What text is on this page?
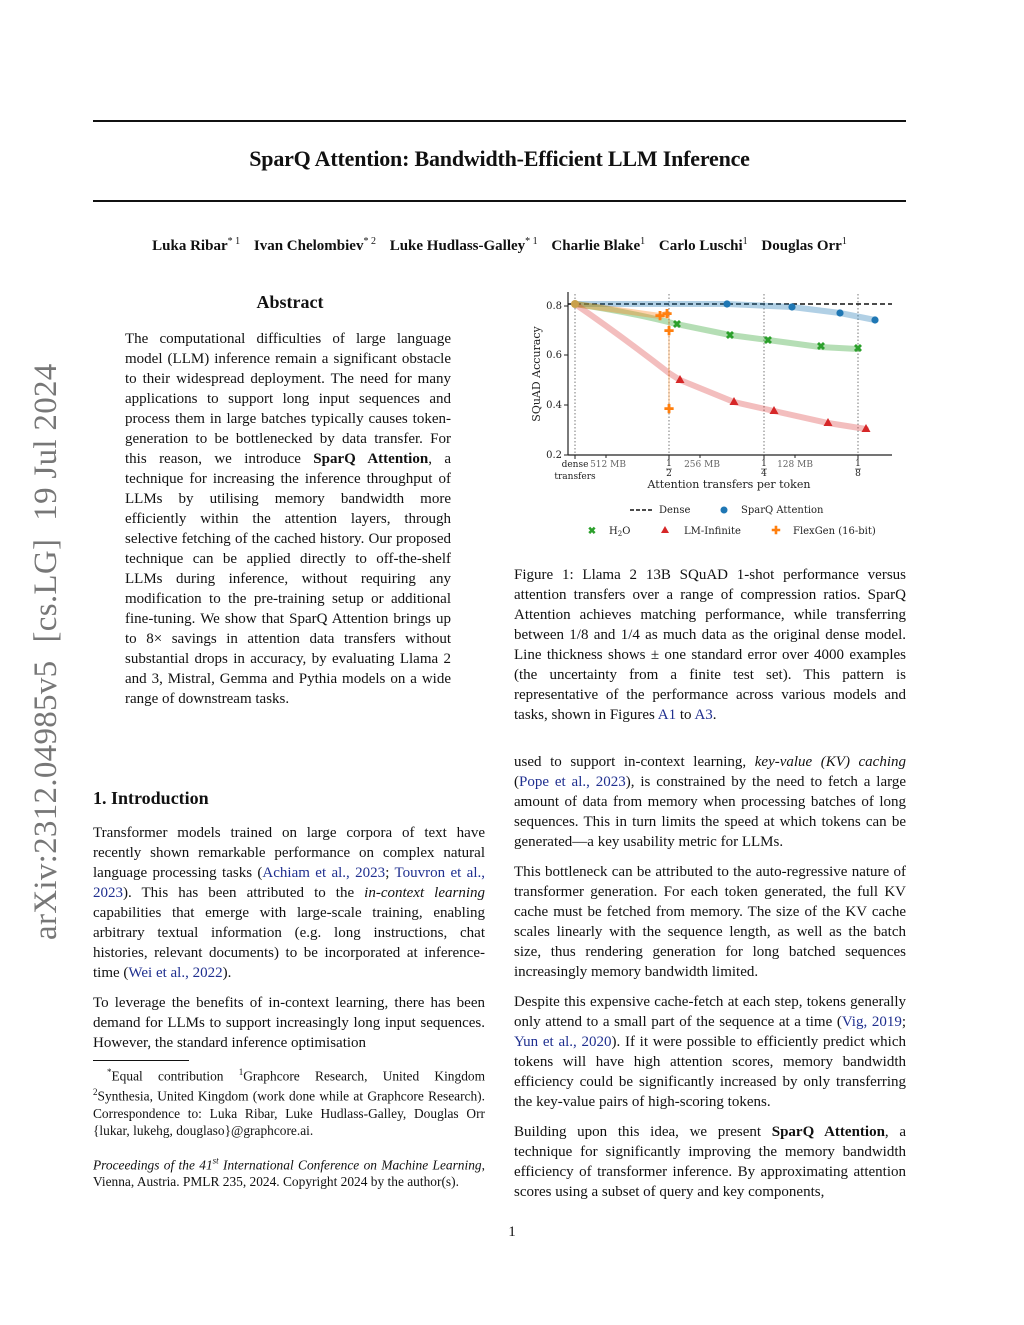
arXiv:2312.04985v5[cs.LG]19 Jul 2024
SparQ Attention: Bandwidth-Efficient LLM Inference
Luka Ribar$^{* 1}$ Ivan Chelombiev$^{* 2}$ Luke Hudlass-Galley$^{* 1}$ Charlie Blake$^1$ Carlo Luschi$^1$ Douglas Orr$^1$
Abstract

The computational difficulties of large language model (LLM) inference remain a significant obstacle to their widespread deployment. The need for many applications to support long input sequences and process them in large batches typically causes token-generation to be bottlenecked by data transfer. For this reason, we introduce SparQ Attention, a technique for increasing the inference throughput of LLMs by utilising memory bandwidth more efficiently within the attention layers, through selective fetching of the cached history. Our proposed technique can be applied directly to off-the-shelf LLMs during inference, without requiring any modification to the pre-training setup or additional fine-tuning. We show that SparQ Attention brings up to 8× savings in attention data transfers without substantial drops in accuracy, by evaluating Llama 2 and 3, Mistral, Gemma and Pythia models on a wide range of downstream tasks.

1. Introduction

Transformer models trained on large corpora of text have recently shown remarkable performance on complex natural language processing tasks (Achiam et al., 2023; Touvron et al., 2023). This has been attributed to the in-context learning capabilities that emerge with large-scale training, enabling arbitrary textual information (e.g. long instructions, chat histories, relevant documents) to be incorporated at inference-time (Wei et al., 2022).

To leverage the benefits of in-context learning, there has been demand for LLMs to support increasingly long input sequences. However, the standard inference optimisation

*Equal contribution $^1$Graphcore Research, United Kingdom $^2$Synthesia, United Kingdom (work done while at Graphcore Research). Correspondence to: Luka Ribar, Luke Hudlass-Galley, Douglas Orr {lukar, lukehg, douglaso}@graphcore.ai.

Proceedings of the 41st International Conference on Machine Learning, Vienna, Austria. PMLR 235, 2024. Copyright 2024 by the author(s).

0.8
0.6
0.4
0.2
SQuAD Accuracy
✖
✖	✖	✖	✖
✚
✚
✚
✚
dense
transfers
1
2
1
4
1
8
512 MB	256 MB	128 MB
Attention transfers per token
Dense	SparQ Attention
✖ $H_2O$	LM-Infinite	✚ FlexGen (16-bit)
Figure 1: Llama 2 13B SQuAD 1-shot performance versus attention transfers over a range of compression ratios. SparQ Attention achieves matching performance, while transferring between 1/8 and 1/4 as much data as the original dense model. Line thickness shows ± one standard error over 4000 examples (the uncertainty from a finite test set). This pattern is representative of the performance across various models and tasks, shown in Figures A1 to A3.

used to support in-context learning, key-value (KV) caching (Pope et al., 2023), is constrained by the need to fetch a large amount of data from memory when processing batches of long sequences. This in turn limits the speed at which tokens can be generated—a key usability metric for LLMs.

This bottleneck can be attributed to the auto-regressive nature of transformer generation. For each token generated, the full KV cache must be fetched from memory. The size of the KV cache scales linearly with the sequence length, as well as the batch size, thus rendering generation for long batched sequences increasingly memory bandwidth limited.

Despite this expensive cache-fetch at each step, tokens generally only attend to a small part of the sequence at a time (Vig, 2019; Yun et al., 2020). If it were possible to efficiently predict which tokens will have high attention scores, memory bandwidth efficiency could be significantly increased by only transferring the key-value pairs of high-scoring tokens.

Building upon this idea, we present SparQ Attention, a technique for significantly improving the memory bandwidth efficiency of transformer inference. By approximating attention scores using a subset of query and key components,

1
